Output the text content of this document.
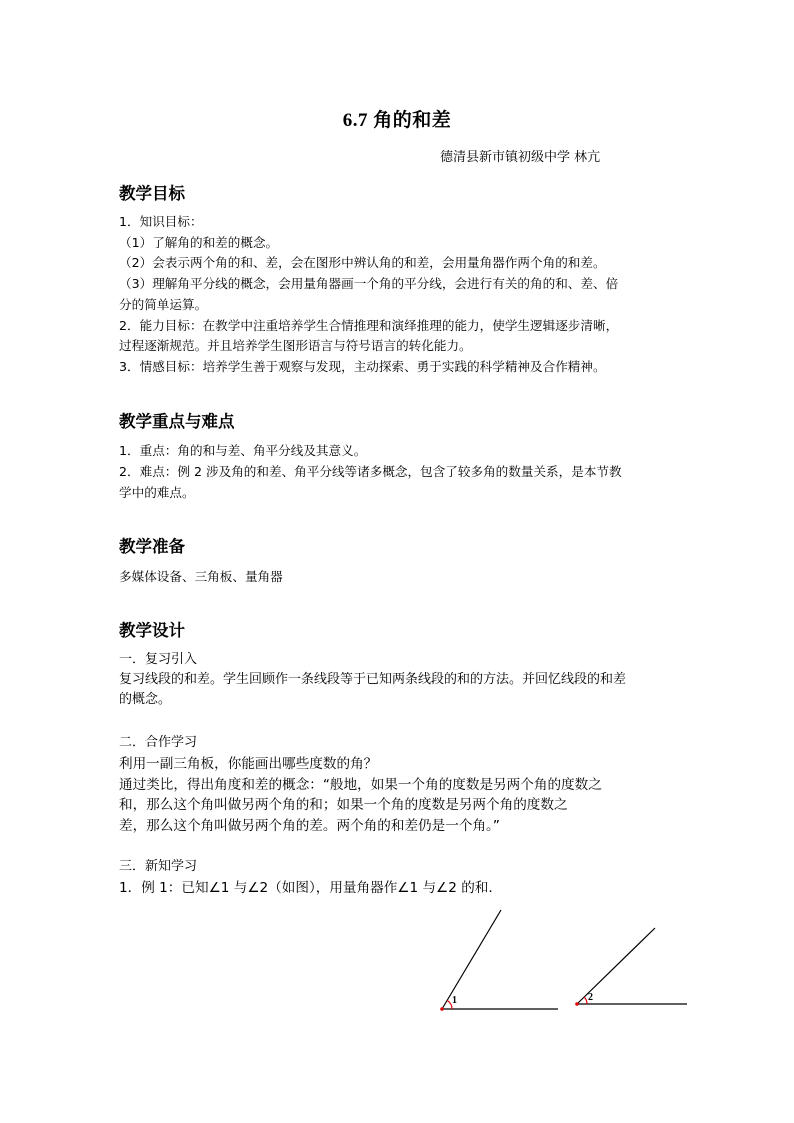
6.7 角的和差
德清县新市镇初级中学 林亢
教学目标
1．知识目标：
（1）了解角的和差的概念。
（2）会表示两个角的和、差，会在图形中辨认角的和差，会用量角器作两个角的和差。
（3）理解角平分线的概念，会用量角器画一个角的平分线，会进行有关的角的和、差、倍
分的简单运算。
2．能力目标：在教学中注重培养学生合情推理和演绎推理的能力，使学生逻辑逐步清晰，
过程逐渐规范。并且培养学生图形语言与符号语言的转化能力。
3．情感目标：培养学生善于观察与发现，主动探索、勇于实践的科学精神及合作精神。
教学重点与难点
1．重点：角的和与差、角平分线及其意义。
2．难点：例 2 涉及角的和差、角平分线等诸多概念，包含了较多角的数量关系，是本节教
学中的难点。
教学准备
多媒体设备、三角板、量角器
教学设计
一．复习引入
复习线段的和差。学生回顾作一条线段等于已知两条线段的和的方法。并回忆线段的和差
的概念。
二．合作学习
利用一副三角板，你能画出哪些度数的角？
通过类比，得出角度和差的概念：“般地，如果一个角的度数是另两个角的度数之
和，那么这个角叫做另两个角的和；如果一个角的度数是另两个角的度数之
差，那么这个角叫做另两个角的差。两个角的和差仍是一个角。”
三．新知学习
1．例 1：已知∠1 与∠2（如图），用量角器作∠1 与∠2 的和.
1	2
